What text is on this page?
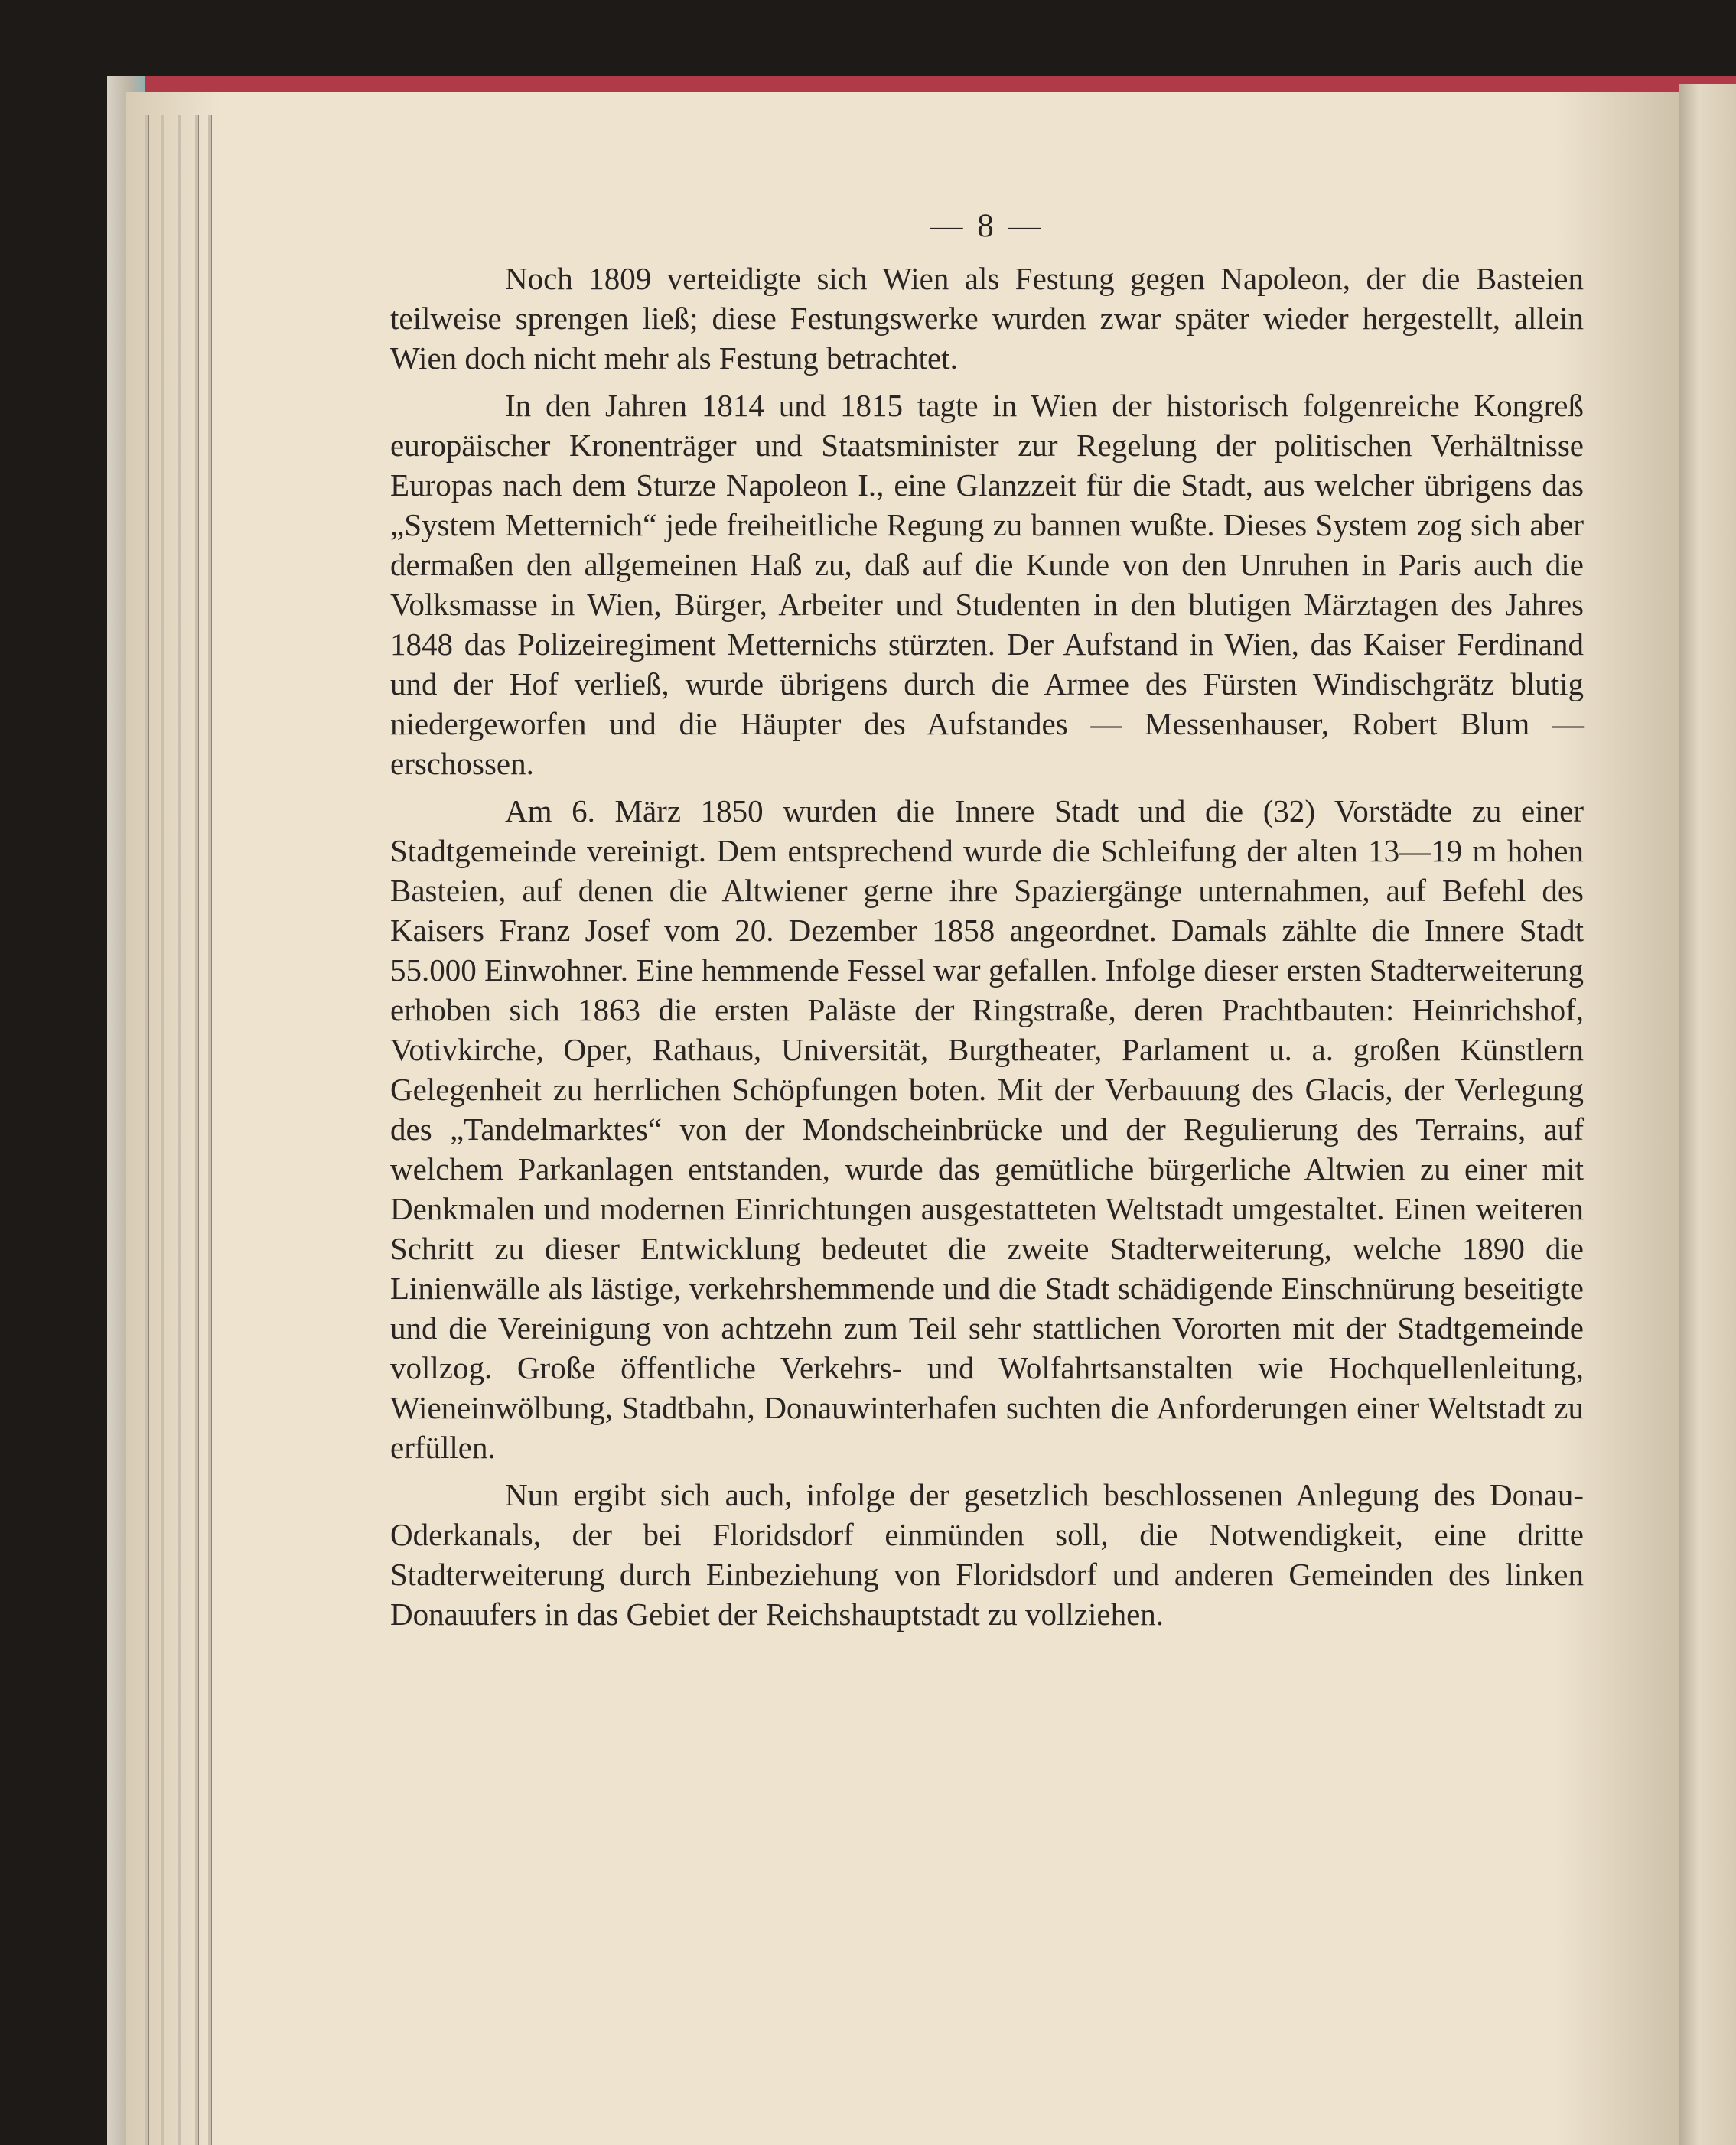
— 8 —

Noch 1809 verteidigte sich Wien als Festung gegen Napoleon, der die Basteien teilweise sprengen ließ; diese Festungswerke wurden zwar später wieder hergestellt, allein Wien doch nicht mehr als Festung betrachtet.

In den Jahren 1814 und 1815 tagte in Wien der historisch folgenreiche Kongreß europäischer Kronenträger und Staatsminister zur Regelung der politischen Verhältnisse Europas nach dem Sturze Napoleon I., eine Glanzzeit für die Stadt, aus welcher übrigens das „System Metternich“ jede freiheitliche Regung zu bannen wußte. Dieses System zog sich aber dermaßen den allgemeinen Haß zu, daß auf die Kunde von den Unruhen in Paris auch die Volksmasse in Wien, Bürger, Arbeiter und Studenten in den blutigen Märztagen des Jahres 1848 das Polizeiregiment Metternichs stürzten. Der Aufstand in Wien, das Kaiser Ferdinand und der Hof verließ, wurde übrigens durch die Armee des Fürsten Windischgrätz blutig niedergeworfen und die Häupter des Aufstandes — Messenhauser, Robert Blum — erschossen.

Am 6. März 1850 wurden die Innere Stadt und die (32) Vorstädte zu einer Stadtgemeinde vereinigt. Dem entsprechend wurde die Schleifung der alten 13—19 m hohen Basteien, auf denen die Altwiener gerne ihre Spaziergänge unternahmen, auf Befehl des Kaisers Franz Josef vom 20. Dezember 1858 angeordnet. Damals zählte die Innere Stadt 55.000 Einwohner. Eine hemmende Fessel war gefallen. Infolge dieser ersten Stadterweiterung erhoben sich 1863 die ersten Paläste der Ringstraße, deren Prachtbauten: Heinrichshof, Votivkirche, Oper, Rathaus, Universität, Burgtheater, Parlament u. a. großen Künstlern Gelegenheit zu herrlichen Schöpfungen boten. Mit der Verbauung des Glacis, der Verlegung des „Tandelmarktes“ von der Mondscheinbrücke und der Regulierung des Terrains, auf welchem Parkanlagen entstanden, wurde das gemütliche bürgerliche Altwien zu einer mit Denkmalen und modernen Einrichtungen ausgestatteten Weltstadt umgestaltet. Einen weiteren Schritt zu dieser Entwicklung bedeutet die zweite Stadterweiterung, welche 1890 die Linienwälle als lästige, verkehrshemmende und die Stadt schädigende Einschnürung beseitigte und die Vereinigung von achtzehn zum Teil sehr stattlichen Vororten mit der Stadtgemeinde vollzog. Große öffentliche Verkehrs- und Wolfahrtsanstalten wie Hochquellenleitung, Wieneinwölbung, Stadtbahn, Donauwinterhafen suchten die Anforderungen einer Weltstadt zu erfüllen.

Nun ergibt sich auch, infolge der gesetzlich beschlossenen Anlegung des Donau-Oderkanals, der bei Floridsdorf einmünden soll, die Notwendigkeit, eine dritte Stadterweiterung durch Einbeziehung von Floridsdorf und anderen Gemeinden des linken Donauufers in das Gebiet der Reichshauptstadt zu vollziehen.
